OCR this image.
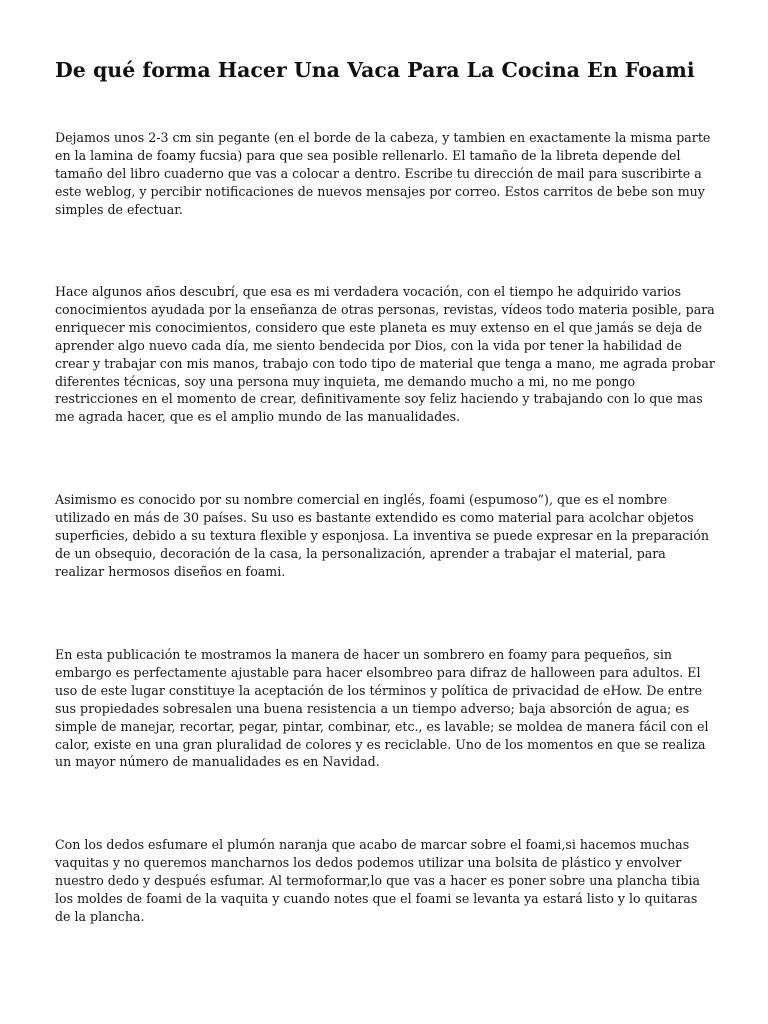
De qué forma Hacer Una Vaca Para La Cocina En Foami

Dejamos unos 2-3 cm sin pegante (en el borde de la cabeza, y tambien en exactamente la misma parte en la lamina de foamy fucsia) para que sea posible rellenarlo. El tamaño de la libreta depende del tamaño del libro cuaderno que vas a colocar a dentro. Escribe tu dirección de mail para suscribirte a este weblog, y percibir notificaciones de nuevos mensajes por correo. Estos carritos de bebe son muy simples de efectuar.

Hace algunos años descubrí, que esa es mi verdadera vocación, con el tiempo he adquirido varios conocimientos ayudada por la enseñanza de otras personas, revistas, vídeos todo materia posible, para enriquecer mis conocimientos, considero que este planeta es muy extenso en el que jamás se deja de aprender algo nuevo cada día, me siento bendecida por Dios, con la vida por tener la habilidad de crear y trabajar con mis manos, trabajo con todo tipo de material que tenga a mano, me agrada probar diferentes técnicas, soy una persona muy inquieta, me demando mucho a mi, no me pongo restricciones en el momento de crear, definitivamente soy feliz haciendo y trabajando con lo que mas me agrada hacer, que es el amplio mundo de las manualidades.

Asimismo es conocido por su nombre comercial en inglés, foami (espumoso”), que es el nombre utilizado en más de 30 países. Su uso es bastante extendido es como material para acolchar objetos superficies, debido a su textura flexible y esponjosa. La inventiva se puede expresar en la preparación de un obsequio, decoración de la casa, la personalización, aprender a trabajar el material, para realizar hermosos diseños en foami.

En esta publicación te mostramos la manera de hacer un sombrero en foamy para pequeños, sin embargo es perfectamente ajustable para hacer elsombreo para difraz de halloween para adultos. El uso de este lugar constituye la aceptación de los términos y política de privacidad de eHow. De entre sus propiedades sobresalen una buena resistencia a un tiempo adverso; baja absorción de agua; es simple de manejar, recortar, pegar, pintar, combinar, etc., es lavable; se moldea de manera fácil con el calor, existe en una gran pluralidad de colores y es reciclable. Uno de los momentos en que se realiza un mayor número de manualidades es en Navidad.

Con los dedos esfumare el plumón naranja que acabo de marcar sobre el foami,si hacemos muchas vaquitas y no queremos mancharnos los dedos podemos utilizar una bolsita de plástico y envolver nuestro dedo y después esfumar. Al termoformar,lo que vas a hacer es poner sobre una plancha tibia los moldes de foami de la vaquita y cuando notes que el foami se levanta ya estará listo y lo quitaras de la plancha.
